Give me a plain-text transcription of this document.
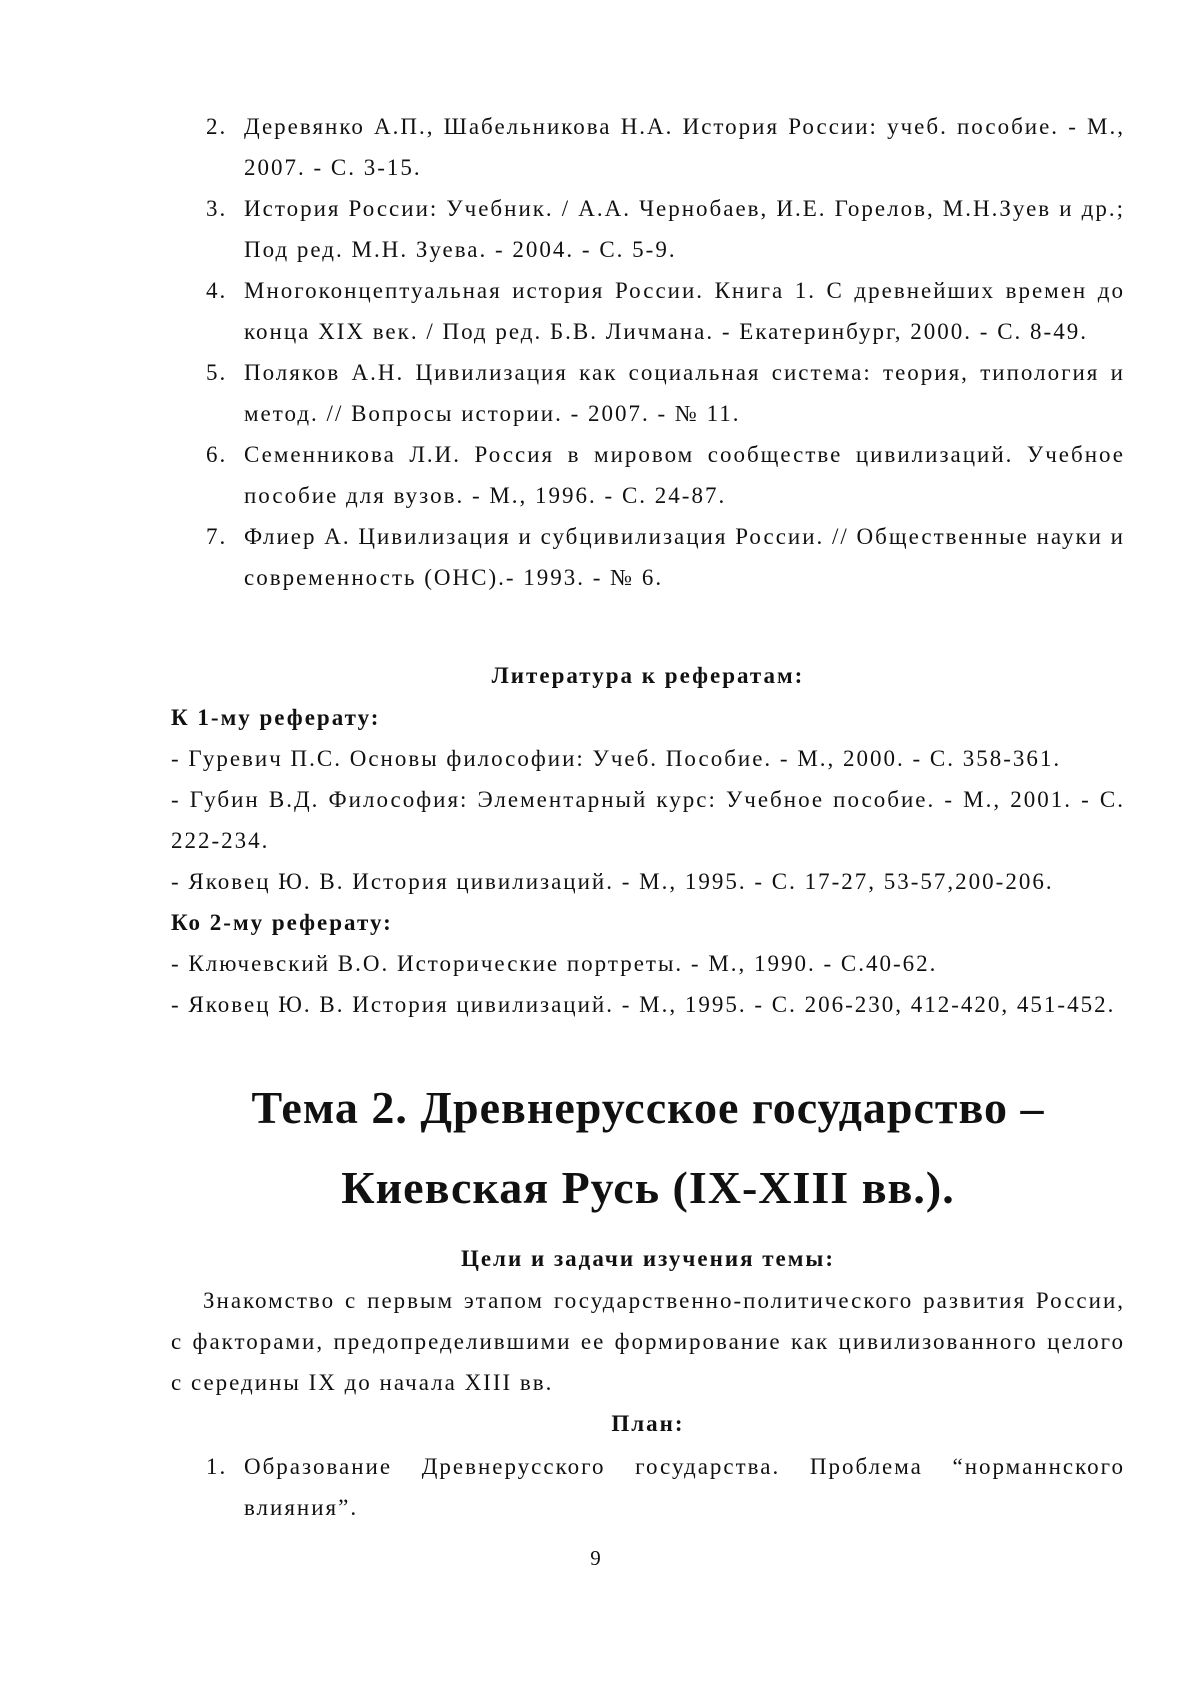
2. Деревянко А.П., Шабельникова Н.А. История России: учеб. пособие. - М., 2007. - С. 3-15.
3. История России: Учебник. / А.А. Чернобаев, И.Е. Горелов, М.Н.Зуев и др.; Под ред. М.Н. Зуева. - 2004. - С. 5-9.
4. Многоконцептуальная история России. Книга 1. С древнейших времен до конца XIX век. / Под ред. Б.В. Личмана. - Екатеринбург, 2000. - С. 8-49.
5. Поляков А.Н. Цивилизация как социальная система: теория, типология и метод. // Вопросы истории. - 2007. - № 11.
6. Семенникова Л.И. Россия в мировом сообществе цивилизаций. Учебное пособие для вузов. - М., 1996. - С. 24-87.
7. Флиер А. Цивилизация и субцивилизация России. // Общественные науки и современность (ОНС).- 1993. - № 6.
Литература к рефератам:
К 1-му реферату:
- Гуревич П.С. Основы философии: Учеб. Пособие. - М., 2000. - С. 358-361.
- Губин В.Д. Философия: Элементарный курс: Учебное пособие. - М., 2001. - С. 222-234.
- Яковец Ю. В. История цивилизаций. - М., 1995. - С. 17-27, 53-57,200-206.
Ко 2-му реферату:
- Ключевский В.О. Исторические портреты. - М., 1990. - С.40-62.
- Яковец Ю. В. История цивилизаций. - М., 1995. - С. 206-230, 412-420, 451-452.
Тема 2. Древнерусское государство –
Киевская Русь (IX-XIII вв.).
Цели и задачи изучения темы:
Знакомство с первым этапом государственно-политического развития России, с факторами, предопределившими ее формирование как цивилизованного целого с середины IX до начала XIII вв.
План:
1. Образование Древнерусского государства. Проблема “норманнского влияния”.
9
